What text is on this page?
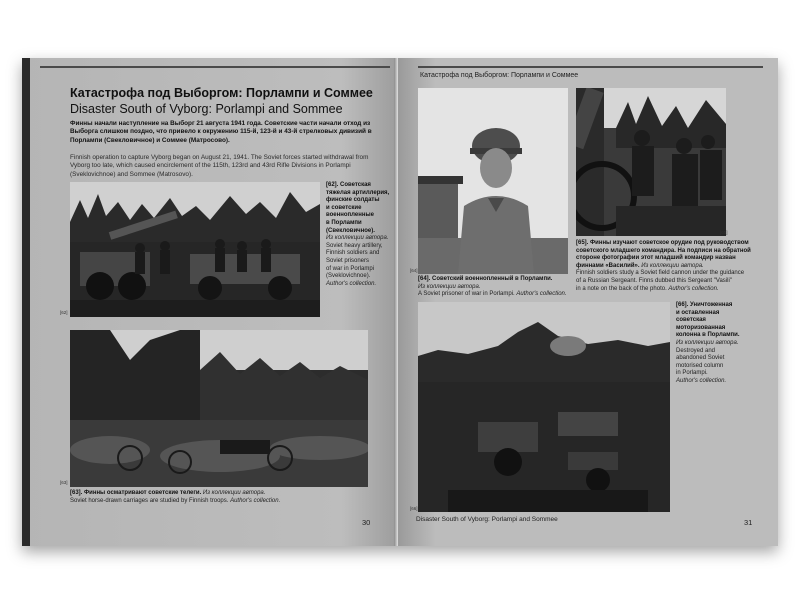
Катастрофа под Выборгом: Порлампи и Соммее
Disaster South of Vyborg: Porlampi and Sommee
Финны начали наступление на Выборг 21 августа 1941 года. Советские части начали отход из Выборга слишком поздно, что привело к окружению 115-й, 123-й и 43-й стрелковых дивизий в Порлампи (Свекловичное) и Соммее (Матросово).
Finnish operation to capture Vyborg began on August 21, 1941. The Soviet forces started withdrawal from Vyborg too late, which caused encirclement of the 115th, 123rd and 43rd Rifle Divisions in Porlampi (Sveklovichnoe) and Sommee (Matrosovo).
[62]
[62]. Советская
тяжелая артиллерия,
финские солдаты
и советские
военнопленные
в Порлампи
(Свекловичное).
Из коллекции автора.
Soviet heavy artillery,
Finnish soldiers and
Soviet prisoners
of war in Porlampi
(Sveklovichnoe).
Author's collection.
[63]
[63]. Финны осматривают советские телеги. Из коллекции автора.
Soviet horse-drawn carriages are studied by Finnish troops. Author's collection.
30
Катастрофа под Выборгом: Порлампи и Соммее
[64]
[64]. Советский военнопленный в Порлампи.
Из коллекции автора.
A Soviet prisoner of war in Porlampi. Author's collection.
[65]
[65]. Финны изучают советское орудие под руководством
советского младшего командира. На подписи на обратной
стороне фотографии этот младший командир назван
финнами «Василий». Из коллекции автора.
Finnish soldiers study a Soviet field cannon under the guidance
of a Russian Sergeant. Finns dubbed this Sergeant "Vasili"
in a note on the back of the photo. Author's collection.
[66]
[66]. Уничтоженная
и оставленная
советская
моторизованная
колонна в Порлампи.
Из коллекции автора.
Destroyed and
abandoned Soviet
motorised column
in Porlampi.
Author's collection.
Disaster South of Vyborg: Porlampi and Sommee	31
